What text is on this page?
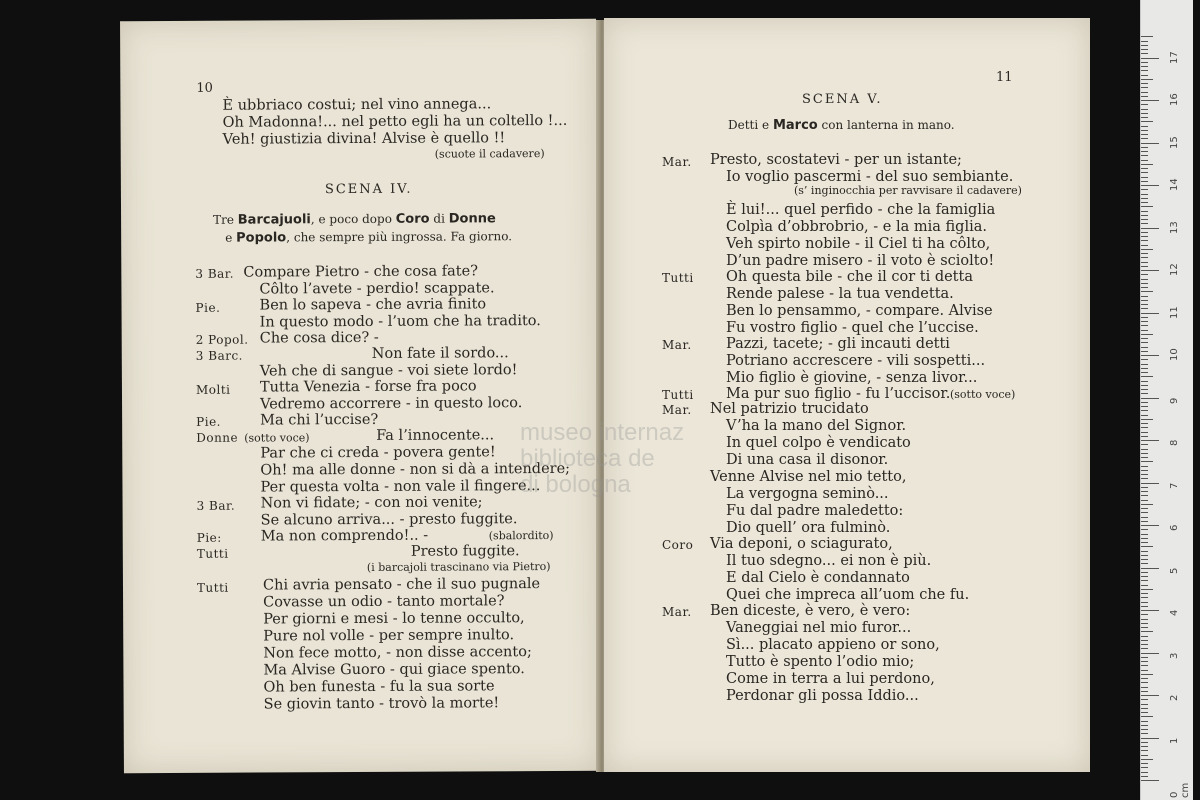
10
È ubbriaco costui; nel vino annega...
Oh Madonna!... nel petto egli ha un coltello !...
Veh! giustizia divina! Alvise è quello !!
(scuote il cadavere)
SCENA IV.
Tre Barcajuoli, e poco dopo Coro di Donne
e Popolo, che sempre più ingrossa. Fa giorno.
3 Bar. Compare Pietro - che cosa fate?
Côlto l’avete - perdio! scappate.
Pie.	Ben lo sapeva - che avria finito
In questo modo - l’uom che ha tradito.
2 Popol. Che cosa dice? -
3 Barc.	Non fate il sordo...
Veh che di sangue - voi siete lordo!
Molti Tutta Venezia - forse fra poco
Vedremo accorrere - in questo loco.
Pie.	Ma chi l’uccise?
Donne (sotto voce)	Fa l’innocente...
Par che ci creda - povera gente!
Oh! ma alle donne - non si dà a intendere;
Per questa volta - non vale il fingere...
3 Bar. Non vi fidate; - con noi venite;
Se alcuno arriva... - presto fuggite.
Pie:	Ma non comprendo!.. -	(sbalordito)
Tutti	Presto fuggite.
(i barcajoli trascinano via Pietro)
Tutti Chi avria pensato - che il suo pugnale
Covasse un odio - tanto mortale?
Per giorni e mesi - lo tenne occulto,
Pure nol volle - per sempre inulto.
Non fece motto, - non disse accento;
Ma Alvise Guoro - qui giace spento.
Oh ben funesta - fu la sua sorte
Se giovin tanto - trovò la morte!
11
SCENA V.
Detti e Marco con lanterna in mano.
Mar. Presto, scostatevi - per un istante;
Io voglio pascermi - del suo sembiante.
(s’ inginocchia per ravvisare il cadavere)
È lui!... quel perfido - che la famiglia
Colpìa d’obbrobrio, - e la mia figlia.
Veh spirto nobile - il Ciel ti ha côlto,
D’un padre misero - il voto è sciolto!
Tutti Oh questa bile - che il cor ti detta
Rende palese - la tua vendetta.
Ben lo pensammo, - compare. Alvise
Fu vostro figlio - quel che l’uccise.
Mar. Pazzi, tacete; - gli incauti detti
Potriano accrescere - vili sospetti...
Mio figlio è giovine, - senza livor...
Tutti Ma pur suo figlio - fu l’uccisor. (sotto voce)
Mar. Nel patrizio trucidato
V’ha la mano del Signor.
In quel colpo è vendicato
Di una casa il disonor.
Venne Alvise nel mio tetto,
La vergogna seminò...
Fu dal padre maledetto:
Dio quell’ ora fulminò.
Coro Via deponi, o sciagurato,
Il tuo sdegno... ei non è più.
E dal Cielo è condannato
Quei che impreca all’uom che fu.
Mar. Ben diceste, è vero, è vero:
Vaneggiai nel mio furor...
Sì... placato appieno or sono,
Tutto è spento l’odio mio;
Come in terra a lui perdono,
Perdonar gli possa Iddio...
museo internaz
biblioteca de
di bologna
0 cm
1
2
3
4
5
6
7
8
9
10
11
12
13
14
15
16
17
